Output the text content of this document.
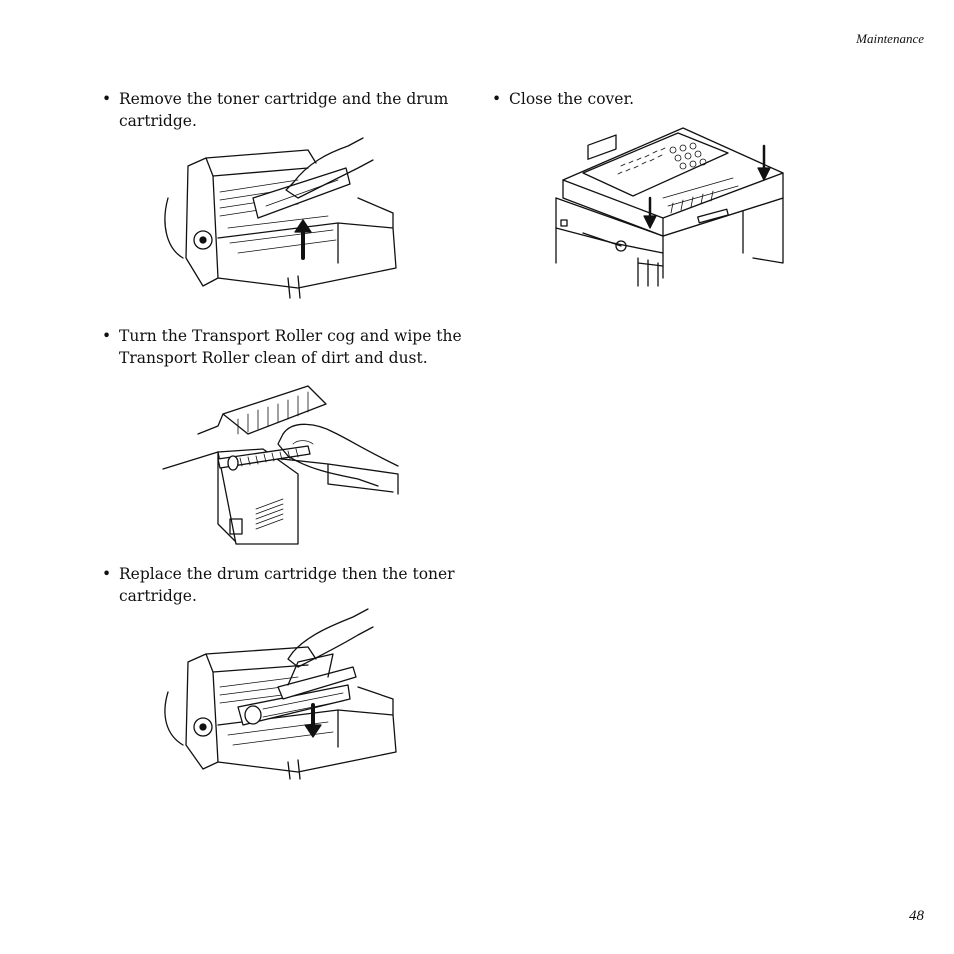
Maintenance
• Remove the toner cartridge and the drum cartridge.
• Turn the Transport Roller cog and wipe the Transport Roller clean of dirt and dust.
• Replace the drum cartridge then the toner cartridge.
• Close the cover.
48
